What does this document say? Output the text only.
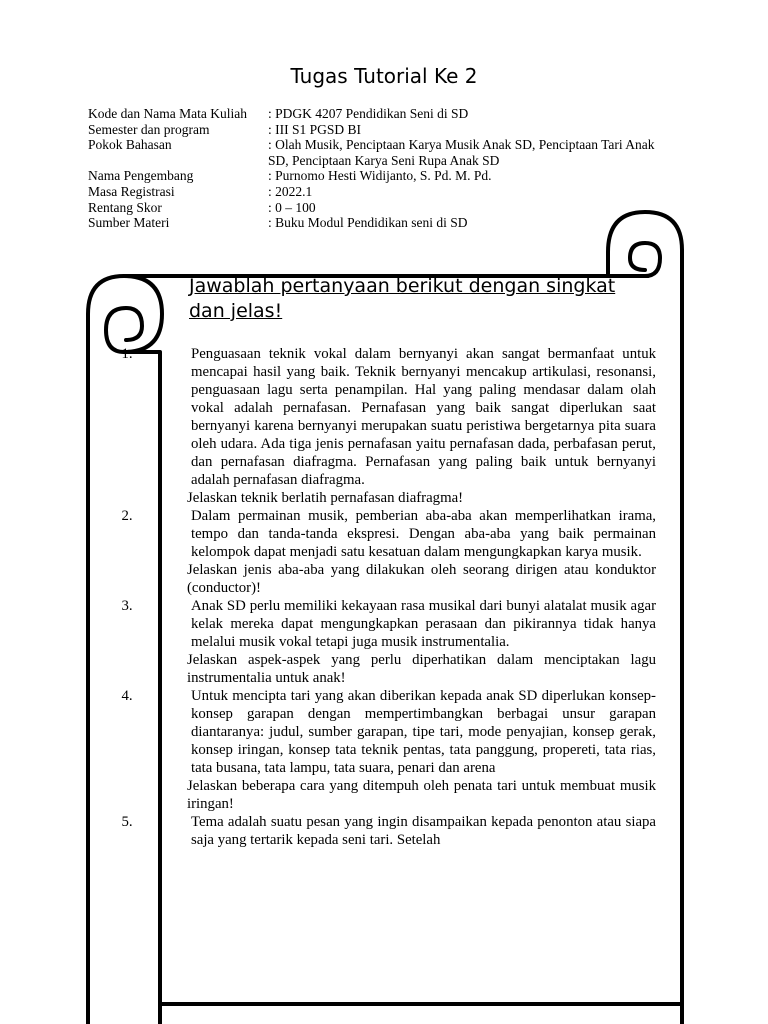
Tugas Tutorial Ke 2
Kode dan Nama Mata Kuliah	: PDGK 4207 Pendidikan Seni di SD
Semester dan program	: III S1 PGSD BI
Pokok Bahasan	: Olah Musik, Penciptaan Karya Musik Anak SD, Penciptaan Tari Anak SD, Penciptaan Karya Seni Rupa Anak SD
Nama Pengembang	: Purnomo Hesti Widijanto, S. Pd. M. Pd.
Masa Registrasi	: 2022.1
Rentang Skor	: 0 – 100
Sumber Materi	: Buku Modul Pendidikan seni di SD
Jawablah pertanyaan berikut dengan singkat dan jelas!
1.	Penguasaan teknik vokal dalam bernyanyi akan sangat bermanfaat untuk mencapai hasil yang baik. Teknik bernyanyi mencakup artikulasi, resonansi, penguasaan lagu serta penampilan. Hal yang paling mendasar dalam olah vokal adalah pernafasan. Pernafasan yang baik sangat diperlukan saat bernyanyi karena bernyanyi merupakan suatu peristiwa bergetarnya pita suara oleh udara. Ada tiga jenis pernafasan yaitu pernafasan dada, perbafasan perut, dan pernafasan diafragma. Pernafasan yang paling baik untuk bernyanyi adalah pernafasan diafragma.
Jelaskan teknik berlatih pernafasan diafragma!
2.	Dalam permainan musik, pemberian aba-aba akan memperlihatkan irama, tempo dan tanda-tanda ekspresi. Dengan aba-aba yang baik permainan kelompok dapat menjadi satu kesatuan dalam mengungkapkan karya musik.
Jelaskan jenis aba-aba yang dilakukan oleh seorang dirigen atau konduktor (conductor)!
3.	Anak SD perlu memiliki kekayaan rasa musikal dari bunyi alatalat musik agar kelak mereka dapat mengungkapkan perasaan dan pikirannya tidak hanya melalui musik vokal tetapi juga musik instrumentalia.
Jelaskan aspek-aspek yang perlu diperhatikan dalam menciptakan lagu instrumentalia untuk anak!
4.	Untuk mencipta tari yang akan diberikan kepada anak SD diperlukan konsep-konsep garapan dengan mempertimbangkan berbagai unsur garapan diantaranya: judul, sumber garapan, tipe tari, mode penyajian, konsep gerak, konsep iringan, konsep tata teknik pentas, tata panggung, propereti, tata rias, tata busana, tata lampu, tata suara, penari dan arena
Jelaskan beberapa cara yang ditempuh oleh penata tari untuk membuat musik iringan!
5.	Tema adalah suatu pesan yang ingin disampaikan kepada penonton atau siapa saja yang tertarik kepada seni tari. Setelah
